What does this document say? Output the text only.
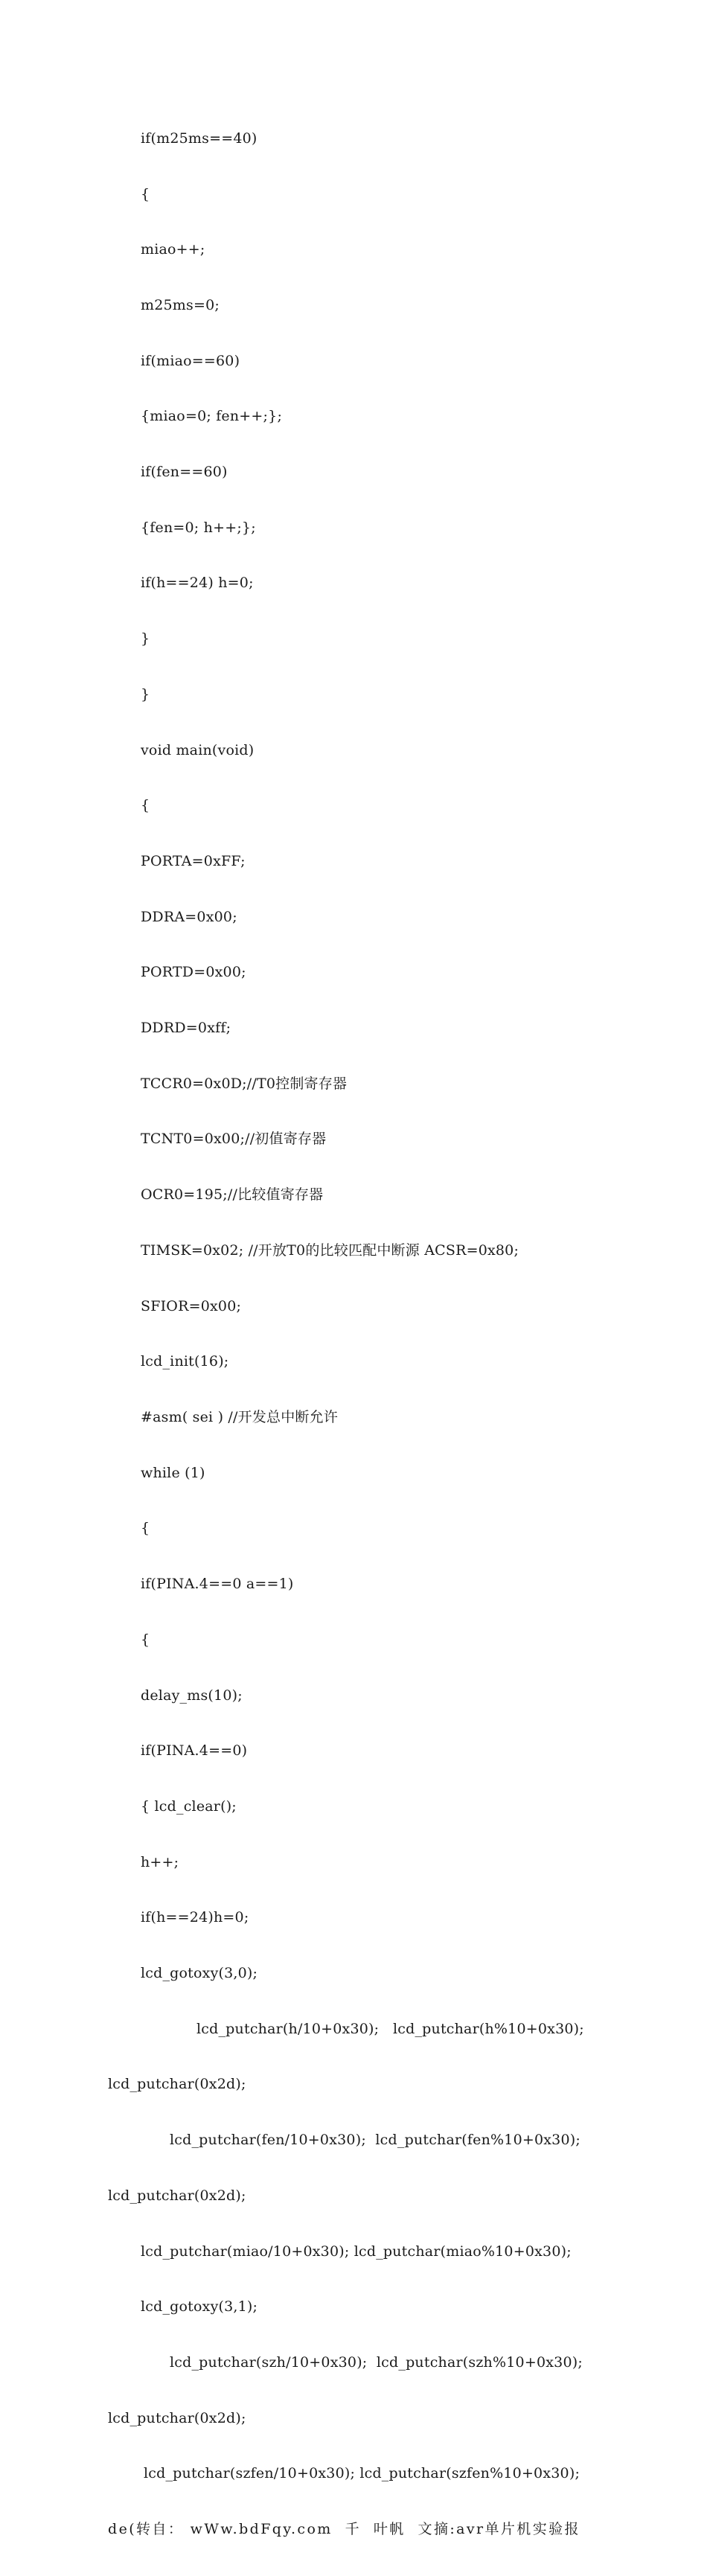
if(m25ms==40)

{

miao++;

m25ms=0;

if(miao==60)

{miao=0; fen++;};

if(fen==60)

{fen=0; h++;};

if(h==24) h=0;

}

}

void main(void)

{

PORTA=0xFF;

DDRA=0x00;

PORTD=0x00;

DDRD=0xff;

TCCR0=0x0D;//T0控制寄存器

TCNT0=0x00;//初值寄存器

OCR0=195;//比较值寄存器

TIMSK=0x02; //开放T0的比较匹配中断源 ACSR=0x80;

SFIOR=0x00;

lcd_init(16);

#asm( sei ) //开发总中断允许

while (1)

{

if(PINA.4==0 a==1)

{

delay_ms(10);

if(PINA.4==0)

{ lcd_clear();

h++;

if(h==24)h=0;

lcd_gotoxy(3,0);

lcd_putchar(h/10+0x30);   lcd_putchar(h%10+0x30);

lcd_putchar(0x2d);

lcd_putchar(fen/10+0x30);  lcd_putchar(fen%10+0x30);

lcd_putchar(0x2d);

lcd_putchar(miao/10+0x30); lcd_putchar(miao%10+0x30);

lcd_gotoxy(3,1);

lcd_putchar(szh/10+0x30);  lcd_putchar(szh%10+0x30);

lcd_putchar(0x2d);

lcd_putchar(szfen/10+0x30); lcd_putchar(szfen%10+0x30);

de(转自： wWw.bdFqy.com  千  叶帆  文摘:avr单片机实验报
